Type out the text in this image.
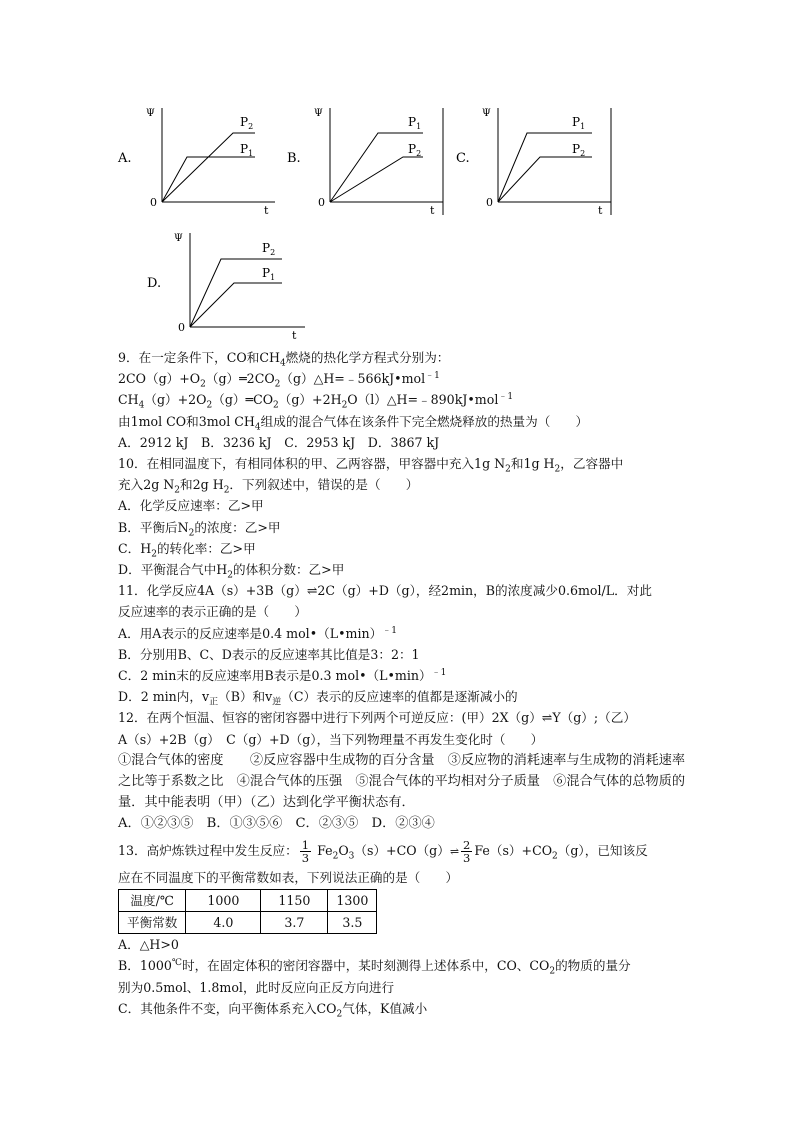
A.
Ψ
0
t
$P_2$
$P_1$	B.
Ψ
0
t
$P_1$
$P_2$	C.
Ψ
0
t
$P_1$
$P_2$
D.
Ψ
0
t
$P_2$
$P_1$
9．在一定条件下，CO和$CH_4$燃烧的热化学方程式分别为：
$2CO(g)+O_2(g)═2CO_2(g)\triangle H=﹣566kJ•mol^{﹣1}$
$CH_4(g)+2O_2(g)═CO_2(g)+2H_2O(l)\triangle H=﹣890kJ•mol^{﹣1}$
由1mol CO和3mol $CH_4$组成的混合气体在该条件下完全燃烧释放的热量为（　　）
A．2912 kJ　B．3236 kJ　C．2953 kJ　D．3867 kJ
10．在相同温度下，有相同体积的甲、乙两容器，甲容器中充入1g $N_2$和1g $H_2$，乙容器中
充入2g $N_2$和2g $H_2$．下列叙述中，错误的是（　　）
A．化学反应速率：乙>甲
B．平衡后$N_2$的浓度：乙>甲
C．$H_2$的转化率：乙>甲
D．平衡混合气中$H_2$的体积分数：乙>甲
11．化学反应4A（s）+3B（g）⇌2C（g）+D（g），经2min，B的浓度减少0.6mol/L．对此
反应速率的表示正确的是（　　）
A．用A表示的反应速率是0.4 mol•（L•min）$^{﹣1}$
B．分别用B、C、D表示的反应速率其比值是3：2：1
C．2 min末的反应速率用B表示是0.3 mol•（L•min）$^{﹣1}$
D．2 min内，$v_正(B)$和$v_逆(C)$表示的反应速率的值都是逐渐减小的
12．在两个恒温、恒容的密闭容器中进行下列两个可逆反应：(甲）2X（g）⇌Y（g）;（乙）
A（s）+2B（g）　C（g）+D（g），当下列物理量不再发生变化时（　　）
①混合气体的密度　　②反应容器中生成物的百分含量　③反应物的消耗速率与生成物的消耗速率之比等于系数之比　④混合气体的压强　⑤混合气体的平均相对分子质量　⑥混合气体的总物质的量．其中能表明（甲）（乙）达到化学平衡状态有．
A．①②③⑤　B．①③⑤⑥　C．②③⑤　D．②③④
13．高炉炼铁过程中发生反应： $\frac{1}{3}$ $Fe_2O_3(s)+CO(g)\rightleftharpoons \frac{2}{3} Fe(s)+CO_2(g)$，已知该反
应在不同温度下的平衡常数如表，下列说法正确的是（　　）
温度/℃	1000	1150	1300
平衡常数	4.0	3.7	3.5
A．△H>0
B．1000℃时，在固定体积的密闭容器中，某时刻测得上述体系中，CO、$CO_2$的物质的量分
别为0.5mol、1.8mol，此时反应向正反方向进行
C．其他条件不变，向平衡体系充入$CO_2$气体，K值减小
